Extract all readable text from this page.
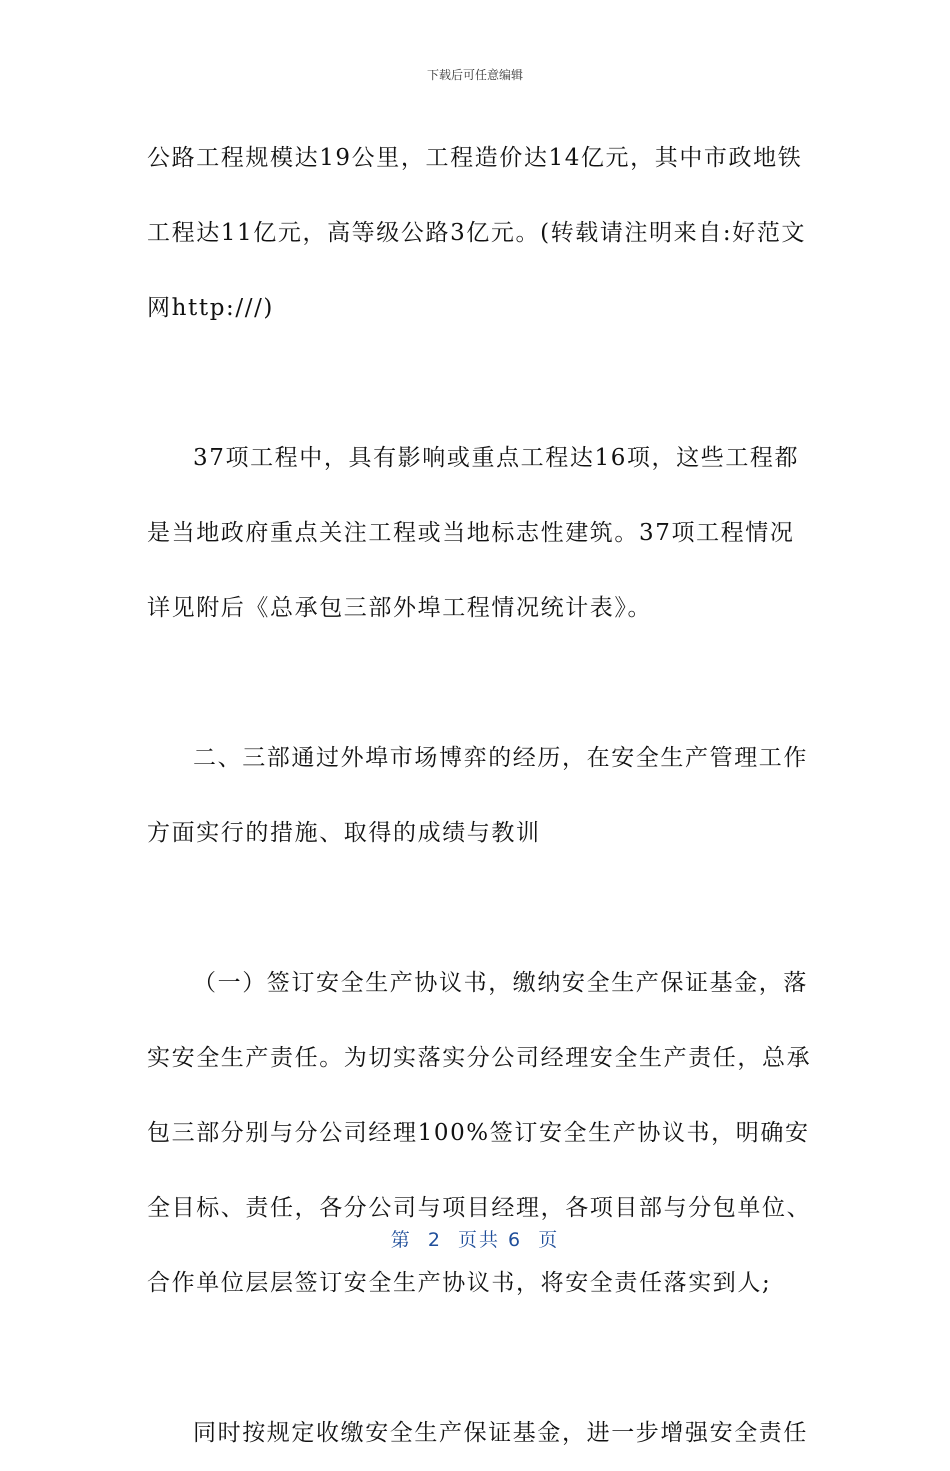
下载后可任意编辑

公路工程规模达19公里，工程造价达14亿元，其中市政地铁工程达11亿元，高等级公路3亿元。(转载请注明来自:好范文网http:///)

37项工程中，具有影响或重点工程达16项，这些工程都是当地政府重点关注工程或当地标志性建筑。37项工程情况详见附后《总承包三部外埠工程情况统计表》。

二、三部通过外埠市场博弈的经历，在安全生产管理工作方面实行的措施、取得的成绩与教训

（一）签订安全生产协议书，缴纳安全生产保证基金，落实安全生产责任。为切实落实分公司经理安全生产责任，总承包三部分别与分公司经理100%签订安全生产协议书，明确安全目标、责任，各分公司与项目经理，各项目部与分包单位、合作单位层层签订安全生产协议书，将安全责任落实到人;

同时按规定收缴安全生产保证基金，进一步增强安全责任

第  2  页共 6  页
